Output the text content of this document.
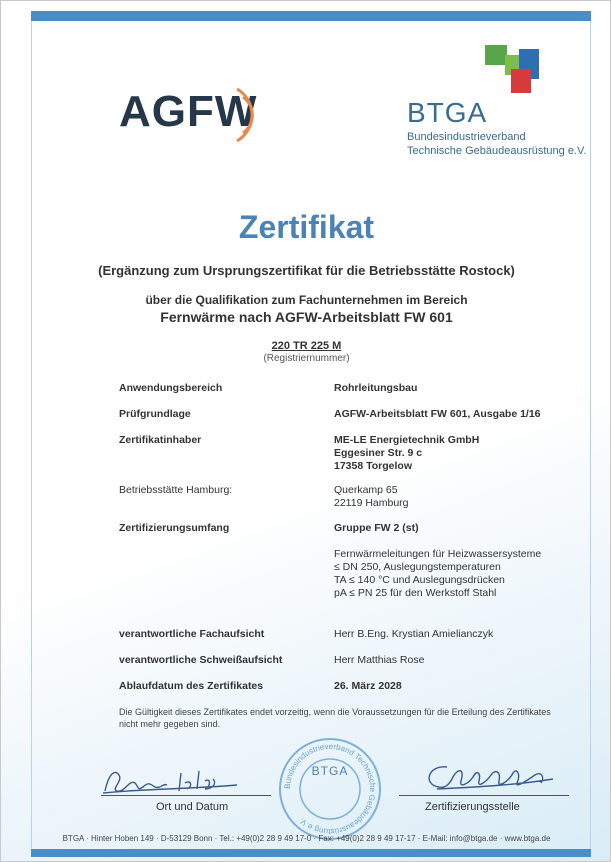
AGFW	BTGA
Bundesindustrieverband
Technische Gebäudeausrüstung e.V.
Zertifikat
(Ergänzung zum Ursprungszertifikat für die Betriebsstätte Rostock)
über die Qualifikation zum Fachunternehmen im Bereich
Fernwärme nach AGFW-Arbeitsblatt FW 601
220 TR 225 M
(Registriernummer)
Anwendungsbereich	Rohrleitungsbau
Prüfgrundlage	AGFW-Arbeitsblatt FW 601, Ausgabe 1/16
Zertifikatinhaber	ME-LE Energietechnik GmbH
Eggesiner Str. 9 c
17358 Torgelow
Betriebsstätte Hamburg:	Querkamp 65
22119 Hamburg
Zertifizierungsumfang	Gruppe FW 2 (st)
Fernwärmeleitungen für Heizwassersysteme
≤ DN 250, Auslegungstemperaturen
TA ≤ 140 °C und Auslegungsdrücken
pA ≤ PN 25 für den Werkstoff Stahl
verantwortliche Fachaufsicht	Herr B.Eng. Krystian Amielianczyk
verantwortliche Schweißaufsicht	Herr Matthias Rose
Ablaufdatum des Zertifikates	26. März 2028
Die Gültigkeit dieses Zertifikates endet vorzeitig, wenn die Voraussetzungen für die Erteilung des Zertifikates nicht mehr gegeben sind.
Ort und Datum	Zertifizierungsstelle
Bundesindustrieverband Technische Gebäudeausrüstung e.V.
BTGA
BTGA · Hinter Hoben 149 · D-53129 Bonn · Tel.: +49(0)2 28 9 49 17-0 · Fax: +49(0)2 28 9 49 17-17 · E-Mail: info@btga.de · www.btga.de
